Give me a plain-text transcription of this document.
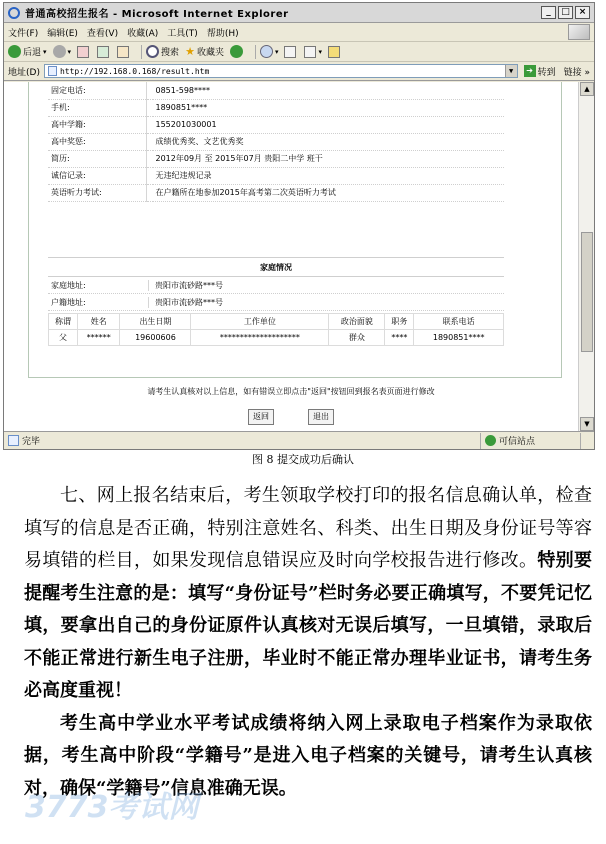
普通高校招生报名 - Microsoft Internet Explorer	_	□ ×
文件(F) 编辑(E) 查看(V) 收藏(A) 工具(T) 帮助(H)
后退 ▾	▾	搜索 ★ 收藏夹	▾	▾
地址(D)	http://192.168.0.168/result.htm	▼	➔ 转到 链接 »
固定电话:		0851-598****
手机:		1890851****
高中学籍:		155201030001
高中奖惩:		成绩优秀奖、文艺优秀奖
简历:		2012年09月 至 2015年07月 贵阳二中学 班干
诚信记录:		无违纪违规记录
英语听力考试:		在户籍所在地参加2015年高考第二次英语听力考试
家庭情况
家庭地址:	贵阳市流砂路***号
户籍地址:	贵阳市流砂路***号
称谓	姓名	出生日期	工作单位	政治面貌	职务	联系电话
父	******	19600606	********************	群众	****	1890851****
请考生认真核对以上信息，如有错误立即点击"返回"按钮回到报名表页面进行修改
返回	退出
▲
▼
完毕	可信站点
图 8 提交成功后确认

七、网上报名结束后，考生领取学校打印的报名信息确认单，检查填写的信息是否正确，特别注意姓名、科类、出生日期及身份证号等容易填错的栏目，如果发现信息错误应及时向学校报告进行修改。特别要提醒考生注意的是：填写“身份证号”栏时务必要正确填写，不要凭记忆填，要拿出自己的身份证原件认真核对无误后填写，一旦填错，录取后不能正常进行新生电子注册，毕业时不能正常办理毕业证书，请考生务必高度重视！

考生高中学业水平考试成绩将纳入网上录取电子档案作为录取依据，考生高中阶段“学籍号”是进入电子档案的关键号，请考生认真核对，确保“学籍号”信息准确无误。

3773考试网
